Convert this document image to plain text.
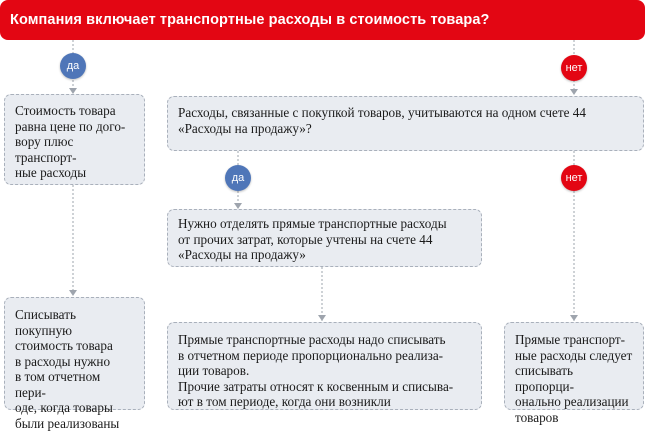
Компания включает транспортные расходы в стоимость товара?
да	нет

Стоимость товара

равна цене по дого-

вору плюс транспорт-

ные расходы

Расходы, связанные с покупкой товаров, учитываются на одном счете 44

«Расходы на продажу»?

да	нет

Нужно отделять прямые транспортные расходы

от прочих затрат, которые учтены на счете 44

«Расходы на продажу»

Списывать покупную

стоимость товара

в расходы нужно

в том отчетном пери-

оде, когда товары

были реализованы

Прямые транспортные расходы надо списывать

в отчетном периоде пропорционально реализа-

ции товаров.

Прочие затраты относят к косвенным и списыва-

ют в том периоде, когда они возникли

Прямые транспорт-

ные расходы следует

списывать пропорци-

онально реализации

товаров
